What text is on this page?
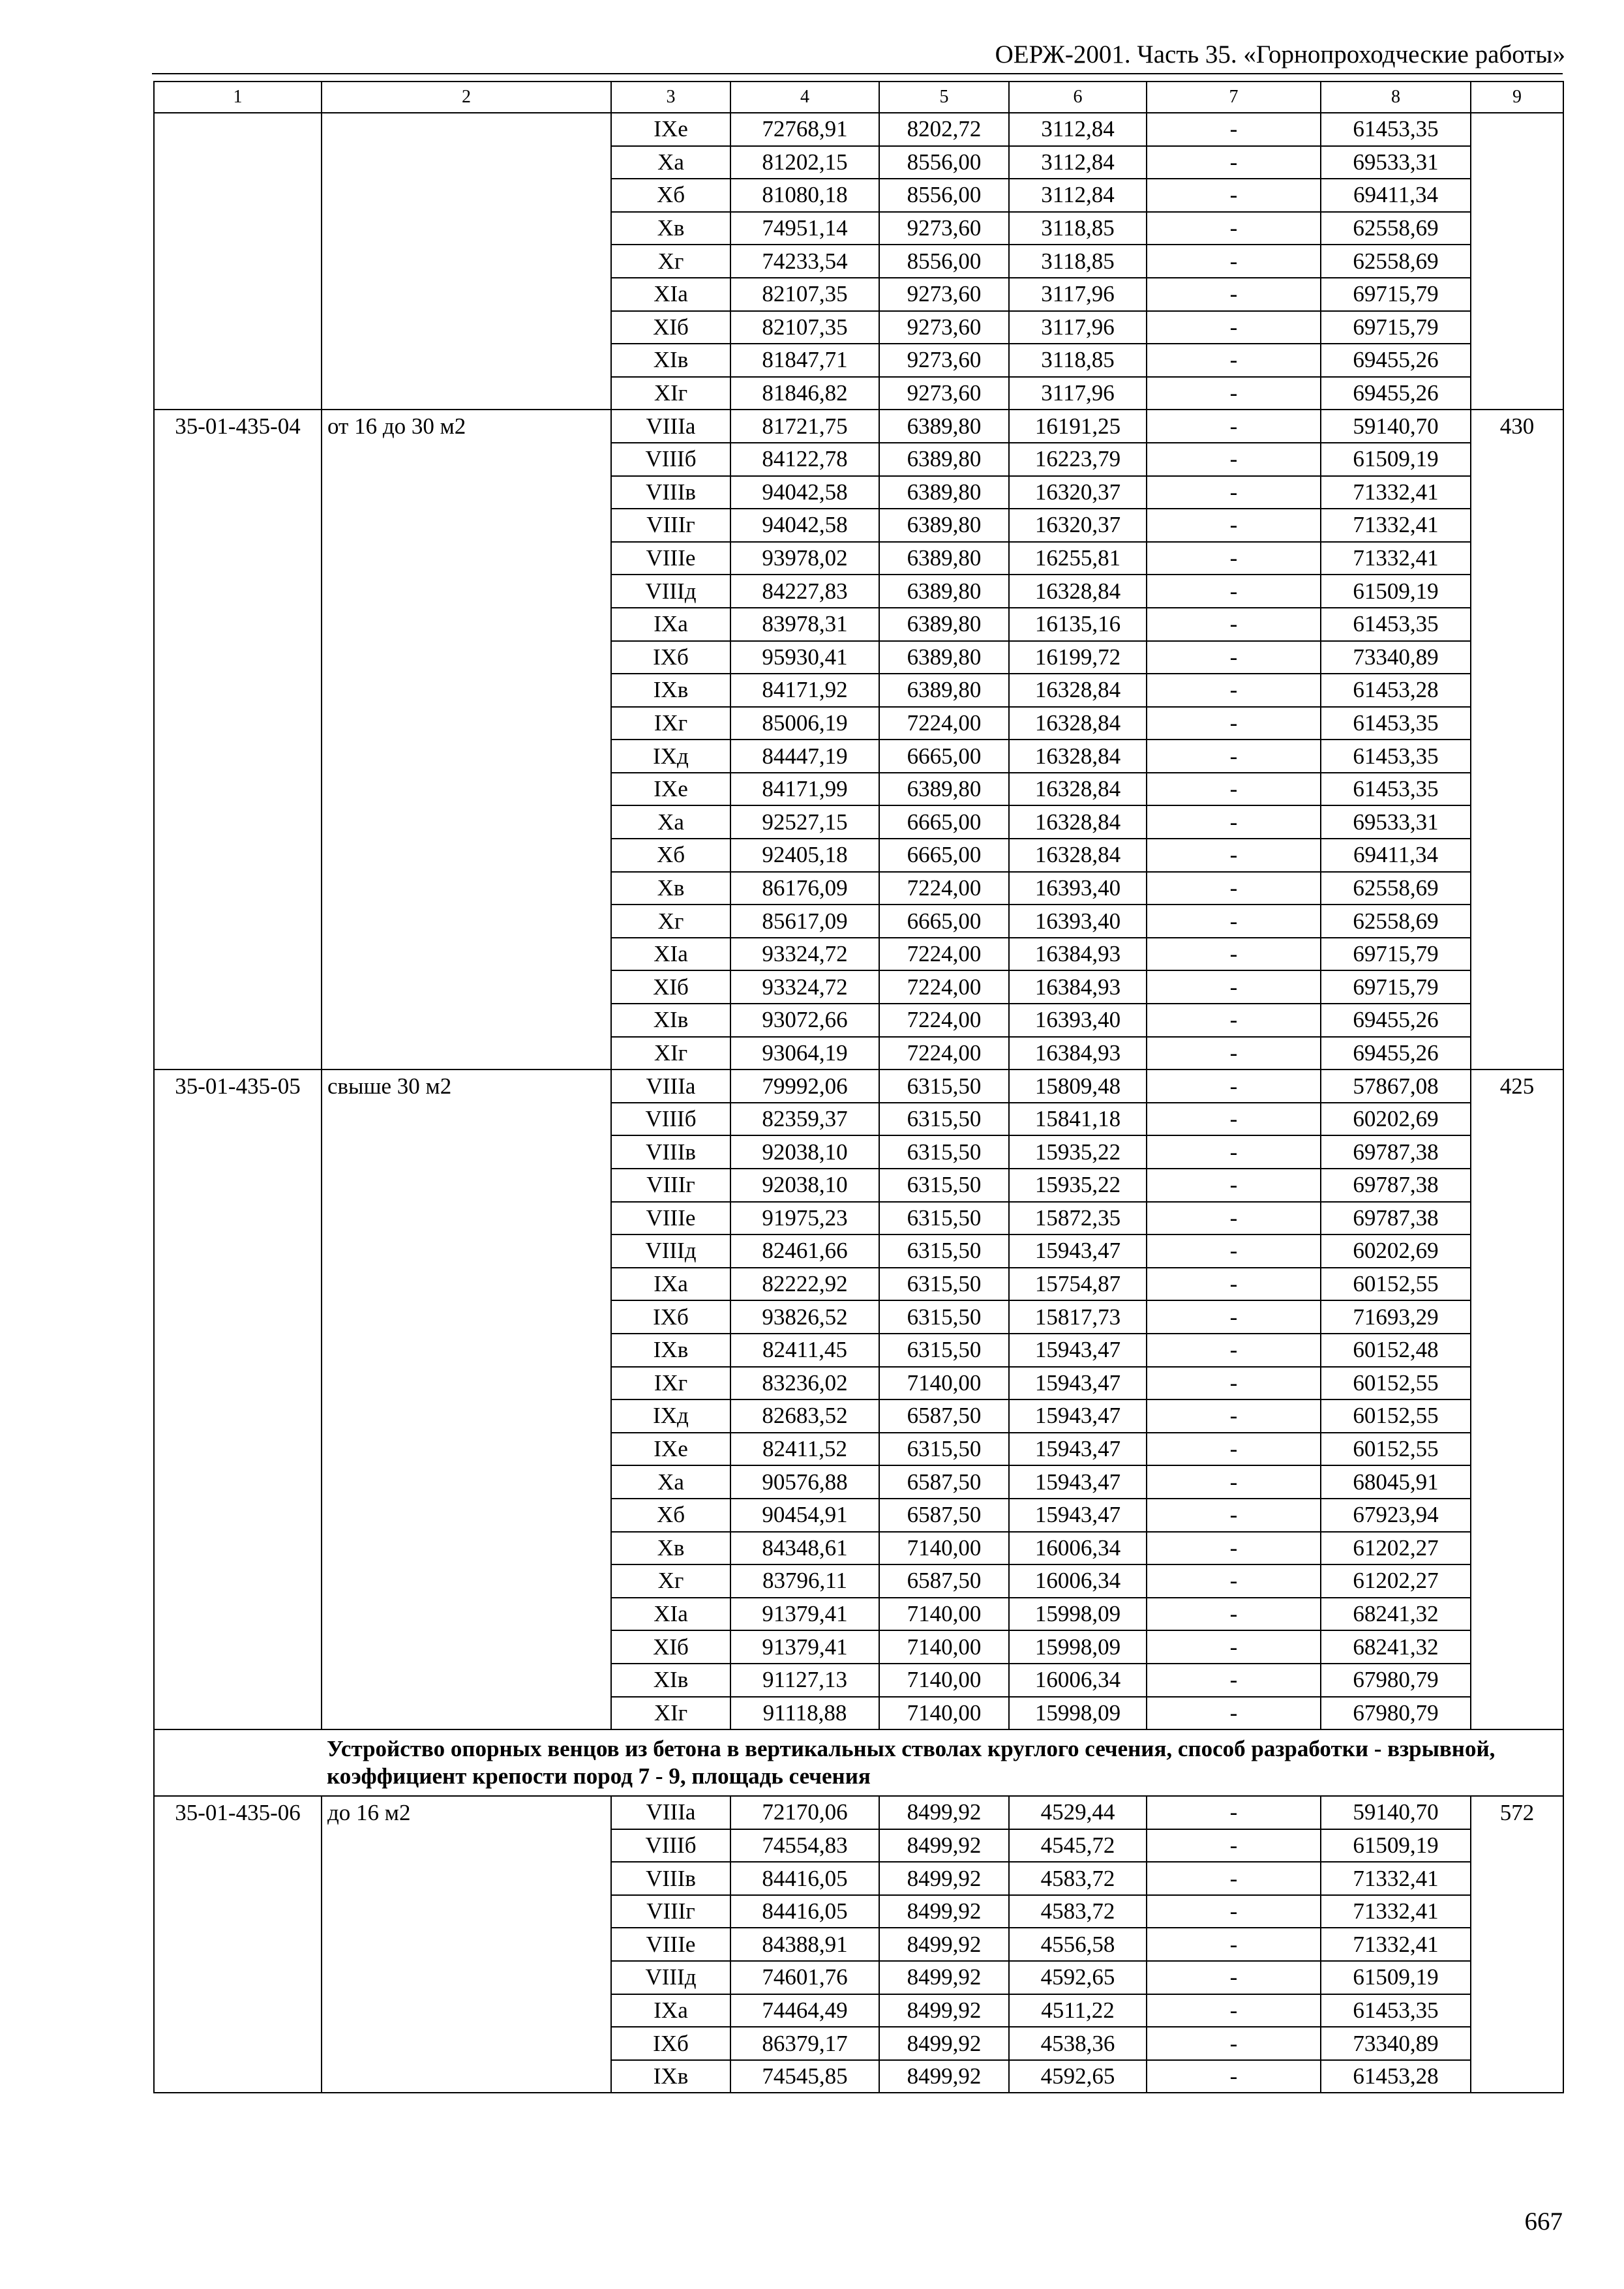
ОЕРЖ-2001. Часть 35. «Горнопроходческие работы»
1	2	3	4	5	6	7	8	9
		IXe	72768,91	8202,72	3112,84	-	61453,35	
		Xa	81202,15	8556,00	3112,84	-	69533,31	
		Xб	81080,18	8556,00	3112,84	-	69411,34	
		Xв	74951,14	9273,60	3118,85	-	62558,69	
		Xг	74233,54	8556,00	3118,85	-	62558,69	
		XIa	82107,35	9273,60	3117,96	-	69715,79	
		XIб	82107,35	9273,60	3117,96	-	69715,79	
		XIв	81847,71	9273,60	3118,85	-	69455,26	
		XIг	81846,82	9273,60	3117,96	-	69455,26	
35-01-435-04	от 16 до 30 м2	VIIIa	81721,75	6389,80	16191,25	-	59140,70	430
		VIIIб	84122,78	6389,80	16223,79	-	61509,19	
		VIIIв	94042,58	6389,80	16320,37	-	71332,41	
		VIIIг	94042,58	6389,80	16320,37	-	71332,41	
		VIIIe	93978,02	6389,80	16255,81	-	71332,41	
		VIIIд	84227,83	6389,80	16328,84	-	61509,19	
		IXa	83978,31	6389,80	16135,16	-	61453,35	
		IXб	95930,41	6389,80	16199,72	-	73340,89	
		IXв	84171,92	6389,80	16328,84	-	61453,28	
		IXг	85006,19	7224,00	16328,84	-	61453,35	
		IXд	84447,19	6665,00	16328,84	-	61453,35	
		IXe	84171,99	6389,80	16328,84	-	61453,35	
		Xa	92527,15	6665,00	16328,84	-	69533,31	
		Xб	92405,18	6665,00	16328,84	-	69411,34	
		Xв	86176,09	7224,00	16393,40	-	62558,69	
		Xг	85617,09	6665,00	16393,40	-	62558,69	
		XIa	93324,72	7224,00	16384,93	-	69715,79	
		XIб	93324,72	7224,00	16384,93	-	69715,79	
		XIв	93072,66	7224,00	16393,40	-	69455,26	
		XIг	93064,19	7224,00	16384,93	-	69455,26	
35-01-435-05	свыше 30 м2	VIIIa	79992,06	6315,50	15809,48	-	57867,08	425
		VIIIб	82359,37	6315,50	15841,18	-	60202,69	
		VIIIв	92038,10	6315,50	15935,22	-	69787,38	
		VIIIг	92038,10	6315,50	15935,22	-	69787,38	
		VIIIe	91975,23	6315,50	15872,35	-	69787,38	
		VIIIд	82461,66	6315,50	15943,47	-	60202,69	
		IXa	82222,92	6315,50	15754,87	-	60152,55	
		IXб	93826,52	6315,50	15817,73	-	71693,29	
		IXв	82411,45	6315,50	15943,47	-	60152,48	
		IXг	83236,02	7140,00	15943,47	-	60152,55	
		IXд	82683,52	6587,50	15943,47	-	60152,55	
		IXe	82411,52	6315,50	15943,47	-	60152,55	
		Xa	90576,88	6587,50	15943,47	-	68045,91	
		Xб	90454,91	6587,50	15943,47	-	67923,94	
		Xв	84348,61	7140,00	16006,34	-	61202,27	
		Xг	83796,11	6587,50	16006,34	-	61202,27	
		XIa	91379,41	7140,00	15998,09	-	68241,32	
		XIб	91379,41	7140,00	15998,09	-	68241,32	
		XIв	91127,13	7140,00	16006,34	-	67980,79	
		XIг	91118,88	7140,00	15998,09	-	67980,79	
Устройство опорных венцов из бетона в вертикальных стволах круглого сечения, способ разработки - взрывной, коэффициент крепости пород 7 - 9, площадь сечения								
35-01-435-06	до 16 м2	VIIIa	72170,06	8499,92	4529,44	-	59140,70	572
		VIIIб	74554,83	8499,92	4545,72	-	61509,19	
		VIIIв	84416,05	8499,92	4583,72	-	71332,41	
		VIIIг	84416,05	8499,92	4583,72	-	71332,41	
		VIIIe	84388,91	8499,92	4556,58	-	71332,41	
		VIIIд	74601,76	8499,92	4592,65	-	61509,19	
		IXa	74464,49	8499,92	4511,22	-	61453,35	
		IXб	86379,17	8499,92	4538,36	-	73340,89	
		IXв	74545,85	8499,92	4592,65	-	61453,28	
667
